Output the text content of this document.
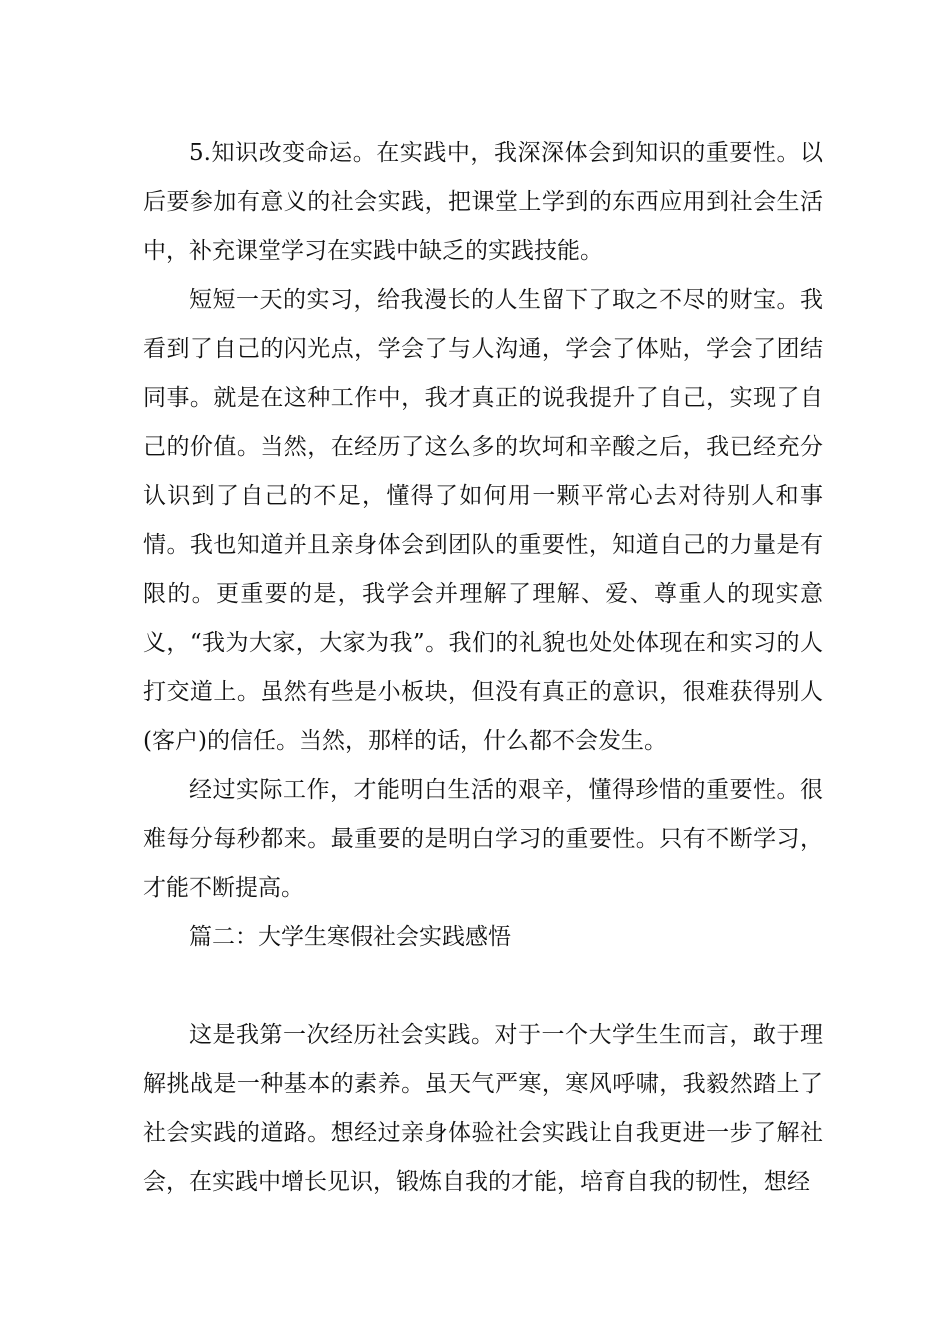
5.知识改变命运。在实践中，我深深体会到知识的重要性。以后要参加有意义的社会实践，把课堂上学到的东西应用到社会生活中，补充课堂学习在实践中缺乏的实践技能。

短短一天的实习，给我漫长的人生留下了取之不尽的财宝。我看到了自己的闪光点，学会了与人沟通，学会了体贴，学会了团结同事。就是在这种工作中，我才真正的说我提升了自己，实现了自己的价值。当然，在经历了这么多的坎坷和辛酸之后，我已经充分认识到了自己的不足，懂得了如何用一颗平常心去对待别人和事情。我也知道并且亲身体会到团队的重要性，知道自己的力量是有限的。更重要的是，我学会并理解了理解、爱、尊重人的现实意义，“我为大家，大家为我”。我们的礼貌也处处体现在和实习的人打交道上。虽然有些是小板块，但没有真正的意识，很难获得别人(客户)的信任。当然，那样的话，什么都不会发生。

经过实际工作，才能明白生活的艰辛，懂得珍惜的重要性。很难每分每秒都来。最重要的是明白学习的重要性。只有不断学习，才能不断提高。

篇二：大学生寒假社会实践感悟

这是我第一次经历社会实践。对于一个大学生生而言，敢于理解挑战是一种基本的素养。虽天气严寒，寒风呼啸，我毅然踏上了社会实践的道路。想经过亲身体验社会实践让自我更进一步了解社会，在实践中增长见识，锻炼自我的才能，培育自我的韧性，想经
